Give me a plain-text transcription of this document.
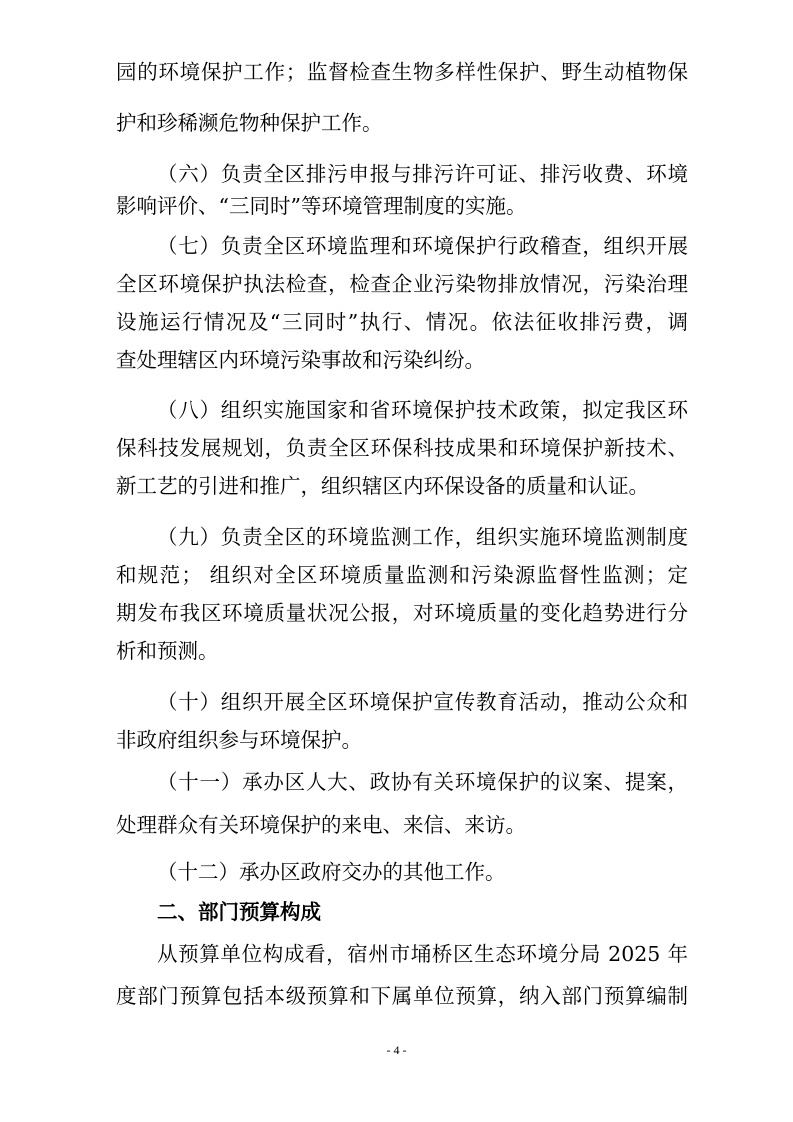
园的环境保护工作；监督检查生物多样性保护、野生动植物保
护和珍稀濒危物种保护工作。
（六）负责全区排污申报与排污许可证、排污收费、环境
影响评价、“三同时”等环境管理制度的实施。
（七）负责全区环境监理和环境保护行政稽查，组织开展
全区环境保护执法检查，检查企业污染物排放情况，污染治理
设施运行情况及“三同时”执行、情况。依法征收排污费，调
查处理辖区内环境污染事故和污染纠纷。
（八）组织实施国家和省环境保护技术政策，拟定我区环
保科技发展规划，负责全区环保科技成果和环境保护新技术、
新工艺的引进和推广，组织辖区内环保设备的质量和认证。
（九）负责全区的环境监测工作，组织实施环境监测制度
和规范； 组织对全区环境质量监测和污染源监督性监测；定
期发布我区环境质量状况公报，对环境质量的变化趋势进行分
析和预测。
（十）组织开展全区环境保护宣传教育活动，推动公众和
非政府组织参与环境保护。
（十一）承办区人大、政协有关环境保护的议案、提案，
处理群众有关环境保护的来电、来信、来访。
（十二）承办区政府交办的其他工作。
二、部门预算构成
从预算单位构成看，宿州市埇桥区生态环境分局 2025 年
度部门预算包括本级预算和下属单位预算，纳入部门预算编制
- 4 -
